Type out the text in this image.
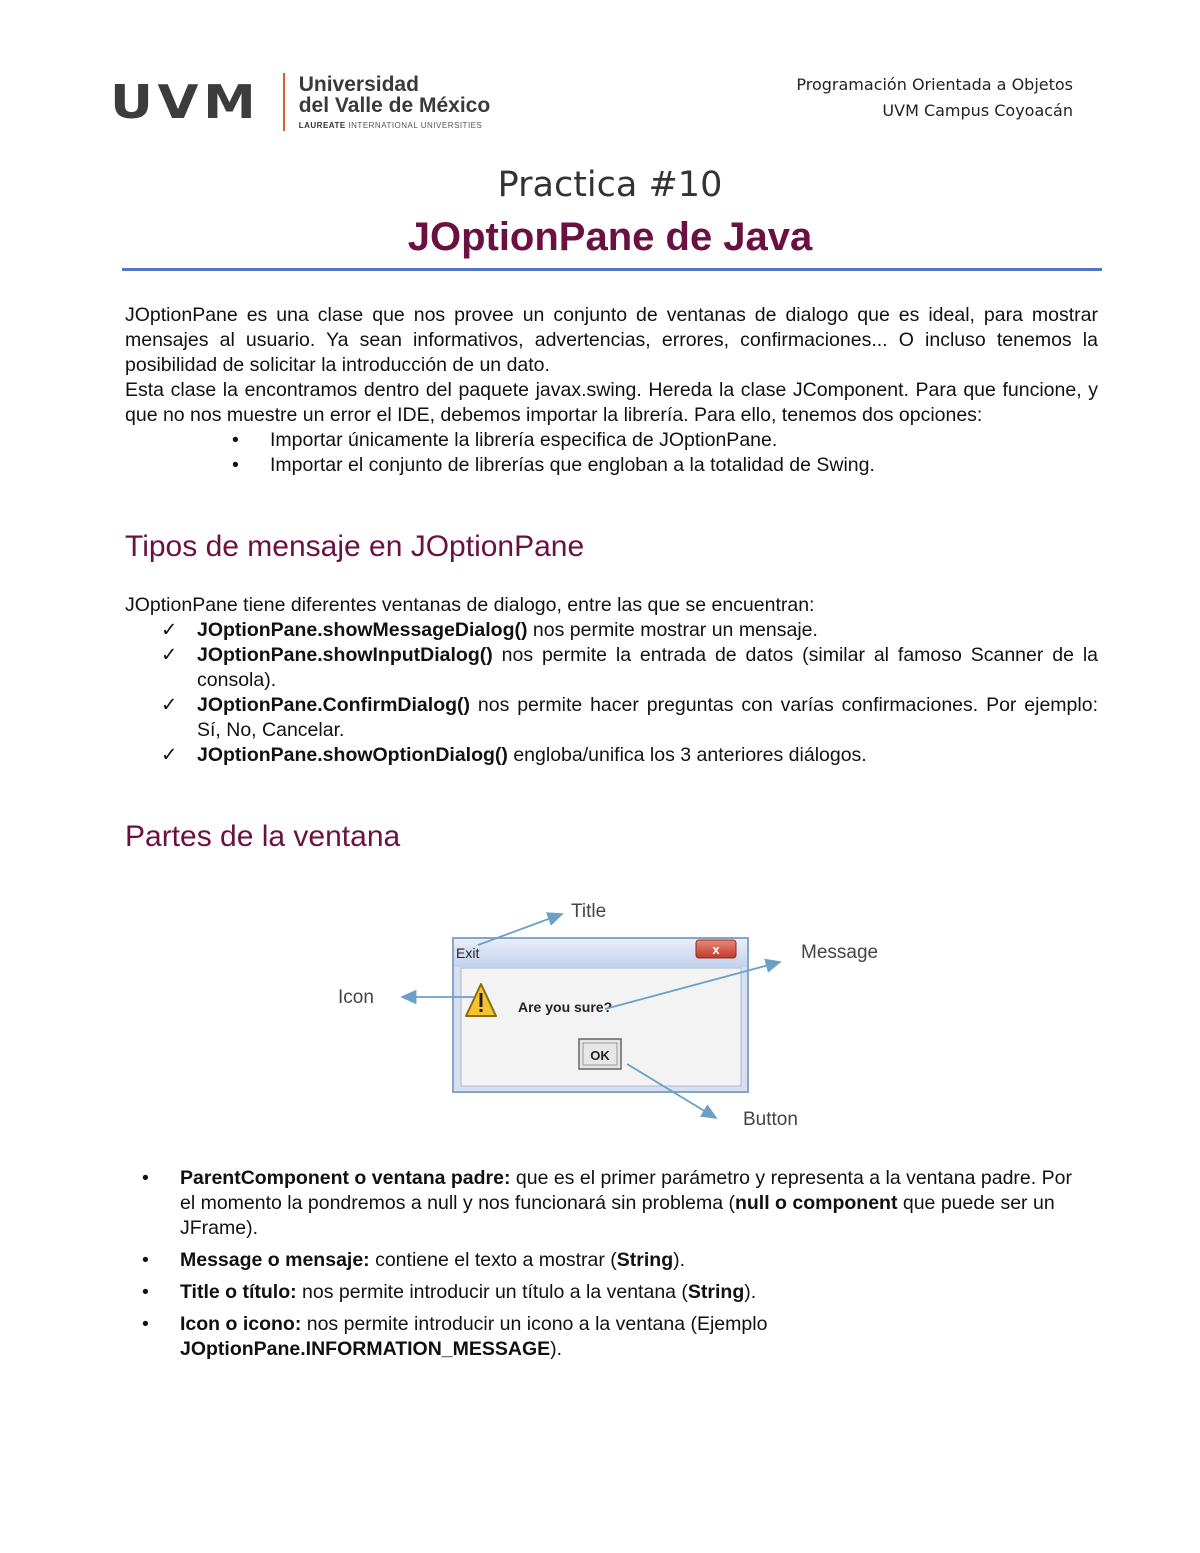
UVM Universidad
del Valle de México
LAUREATE INTERNATIONAL UNIVERSITIES
Programación Orientada a Objetos
UVM Campus Coyoacán
Practica #10
JOptionPane de Java

JOptionPane es una clase que nos provee un conjunto de ventanas de dialogo que es ideal, para mostrar mensajes al usuario. Ya sean informativos, advertencias, errores, confirmaciones... O incluso tenemos la posibilidad de solicitar la introducción de un dato.

Esta clase la encontramos dentro del paquete javax.swing. Hereda la clase JComponent. Para que funcione, y que no nos muestre un error el IDE, debemos importar la librería. Para ello, tenemos dos opciones:

• Importar únicamente la librería especifica de JOptionPane.
• Importar el conjunto de librerías que engloban a la totalidad de Swing.
Tipos de mensaje en JOptionPane

JOptionPane tiene diferentes ventanas de dialogo, entre las que se encuentran:

✓ JOptionPane.showMessageDialog() nos permite mostrar un mensaje.
✓ JOptionPane.showInputDialog() nos permite la entrada de datos (similar al famoso Scanner de la consola).
✓ JOptionPane.ConfirmDialog() nos permite hacer preguntas con varías confirmaciones. Por ejemplo: Sí, No, Cancelar.
✓ JOptionPane.showOptionDialog() engloba/unifica los 3 anteriores diálogos.
Partes de la ventana
Exit	x
Are you sure?
OK
Title
Message
Icon
Button
• ParentComponent o ventana padre: que es el primer parámetro y representa a la ventana padre. Por el momento la pondremos a null y nos funcionará sin problema (null o component que puede ser un JFrame).
• Message o mensaje: contiene el texto a mostrar (String).
• Title o título: nos permite introducir un título a la ventana (String).
• Icon o icono: nos permite introducir un icono a la ventana (Ejemplo JOptionPane.INFORMATION_MESSAGE).
